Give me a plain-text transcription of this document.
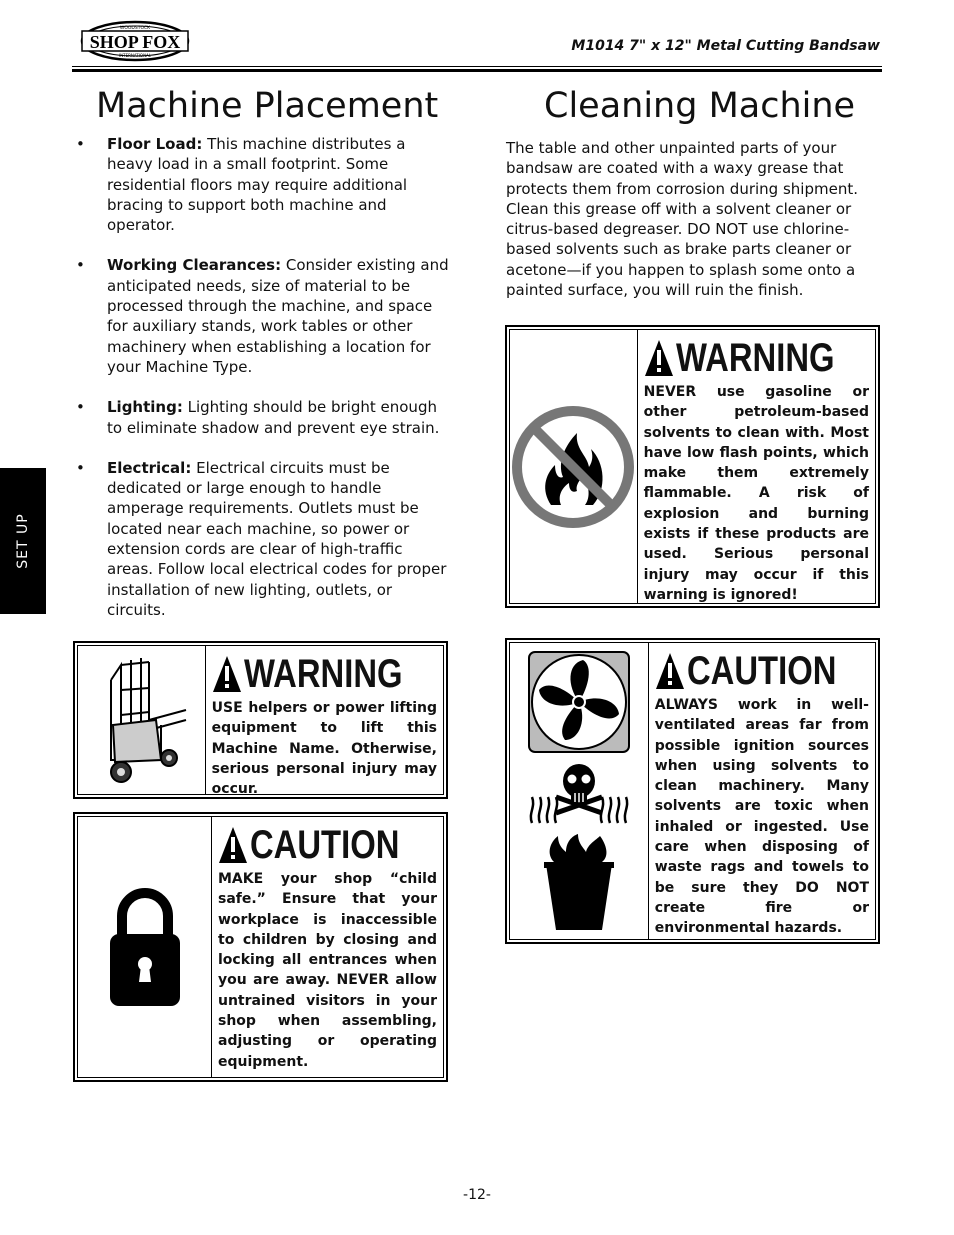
SHOP FOX
WOODSTOCK
INTERNATIONAL
M1014 7" x 12" Metal Cutting Bandsaw
SET UP
Machine Placement	Cleaning Machine
• Floor Load: This machine distributes a heavy load in a small footprint. Some residential floors may require additional bracing to support both machine and operator.
• Working Clearances: Consider existing and anticipated needs, size of material to be processed through the machine, and space for auxiliary stands, work tables or other machinery when establishing a location for your Machine Type.
• Lighting: Lighting should be bright enough to eliminate shadow and prevent eye strain.
• Electrical: Electrical circuits must be dedicated or large enough to handle amperage requirements. Outlets must be located near each machine, so power or extension cords are clear of high-traffic areas. Follow local electrical codes for proper installation of new lighting, outlets, or circuits.

The table and other unpainted parts of your bandsaw are coated with a waxy grease that protects them from corrosion during shipment. Clean this grease off with a solvent cleaner or citrus-based degreaser. DO NOT use chlorine-based solvents such as brake parts cleaner or acetone—if you happen to splash some onto a painted surface, you will ruin the finish.

WARNING

USE helpers or power lifting equipment to lift this Machine Name. Otherwise, serious personal injury may occur.

CAUTION

MAKE your shop “child safe.” Ensure that your workplace is inaccessible to children by closing and locking all entrances when you are away. NEVER allow untrained visitors in your shop when assembling, adjusting or operating equipment.

WARNING

NEVER use gasoline or other petroleum-based solvents to clean with. Most have low flash points, which make them extremely flammable. A risk of explosion and burning exists if these products are used. Serious personal injury may occur if this warning is ignored!

CAUTION

ALWAYS work in well-ventilated areas far from possible ignition sources when using solvents to clean machinery. Many solvents are toxic when inhaled or ingested. Use care when disposing of waste rags and towels to be sure they DO NOT create fire or environmental hazards.

-12-
